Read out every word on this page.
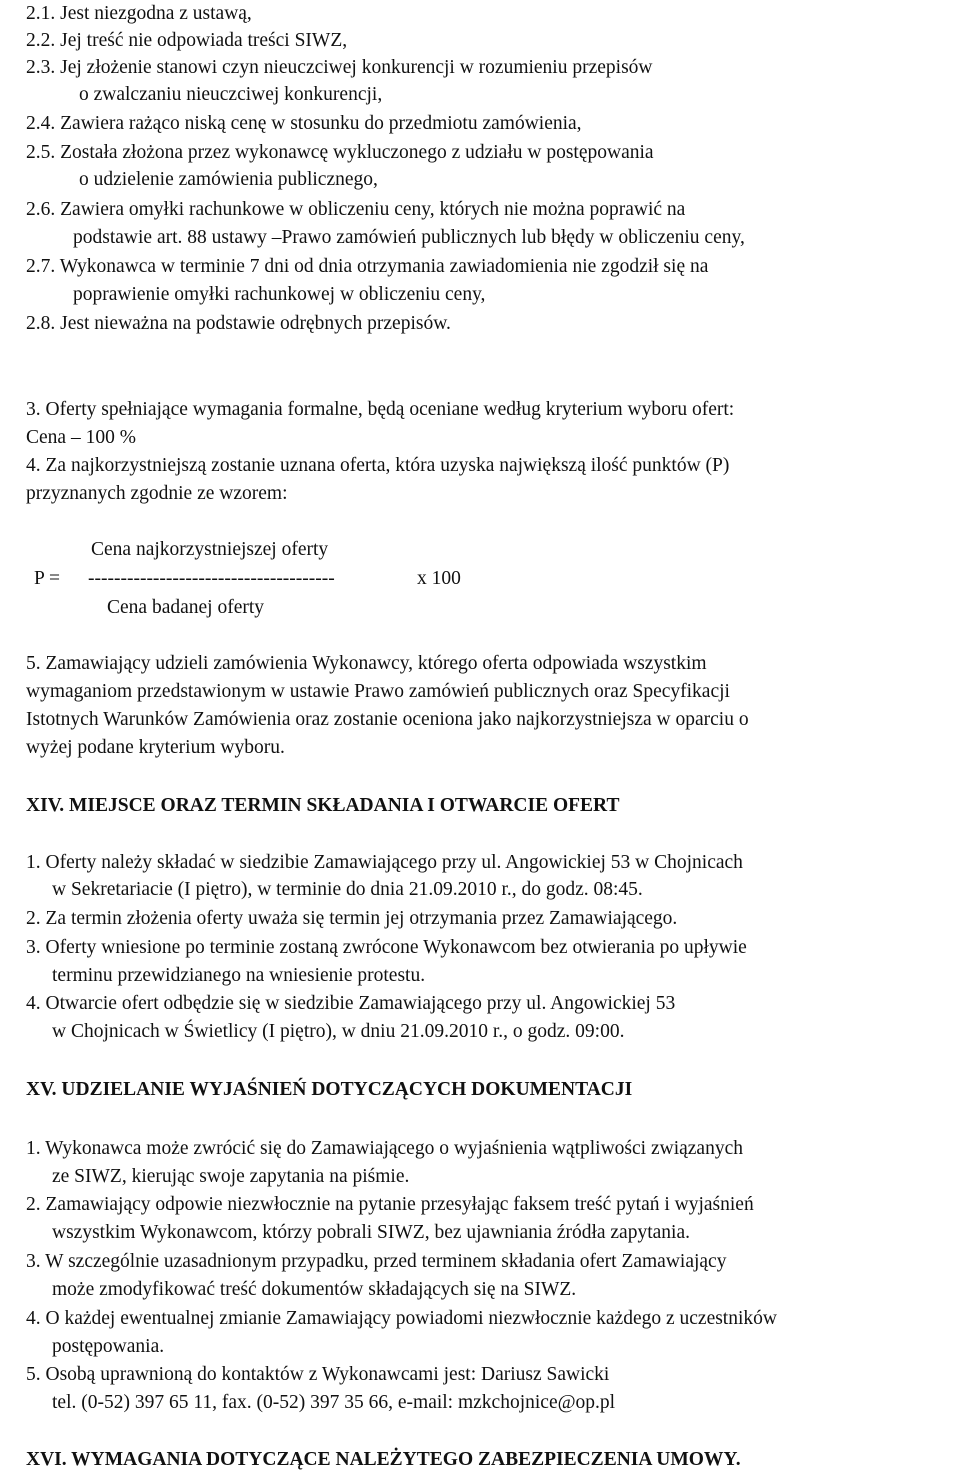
2.1. Jest niezgodna z ustawą,
2.2. Jej treść nie odpowiada treści SIWZ,
2.3. Jej złożenie stanowi czyn nieuczciwej konkurencji w rozumieniu przepisów
o zwalczaniu nieuczciwej konkurencji,
2.4. Zawiera rażąco niską cenę w stosunku do przedmiotu zamówienia,
2.5. Została złożona przez wykonawcę wykluczonego z udziału w postępowania
o udzielenie zamówienia publicznego,
2.6. Zawiera omyłki rachunkowe w obliczeniu ceny, których nie można poprawić na
podstawie art. 88 ustawy –Prawo zamówień publicznych lub błędy w obliczeniu ceny,
2.7. Wykonawca w terminie 7 dni od dnia otrzymania zawiadomienia nie zgodził się na
poprawienie omyłki rachunkowej w obliczeniu ceny,
2.8. Jest nieważna na podstawie odrębnych przepisów.
3. Oferty spełniające wymagania formalne, będą oceniane według kryterium wyboru ofert:
Cena – 100 %
4. Za najkorzystniejszą zostanie uznana oferta, która uzyska największą ilość punktów (P)
przyznanych zgodnie ze wzorem:
Cena najkorzystniejszej oferty
P = --------------------------------------	x 100
Cena badanej oferty
5. Zamawiający udzieli zamówienia Wykonawcy, którego oferta odpowiada wszystkim
wymaganiom przedstawionym w ustawie Prawo zamówień publicznych oraz Specyfikacji
Istotnych Warunków Zamówienia oraz zostanie oceniona jako najkorzystniejsza w oparciu o
wyżej podane kryterium wyboru.
XIV. MIEJSCE ORAZ TERMIN SKŁADANIA I OTWARCIE OFERT
1. Oferty należy składać w siedzibie Zamawiającego przy ul. Angowickiej 53 w Chojnicach
w Sekretariacie (I piętro), w terminie do dnia 21.09.2010 r., do godz. 08:45.
2. Za termin złożenia oferty uważa się termin jej otrzymania przez Zamawiającego.
3. Oferty wniesione po terminie zostaną zwrócone Wykonawcom bez otwierania po upływie
terminu przewidzianego na wniesienie protestu.
4. Otwarcie ofert odbędzie się w siedzibie Zamawiającego przy ul. Angowickiej 53
w Chojnicach w Świetlicy (I piętro), w dniu 21.09.2010 r., o godz. 09:00.
XV. UDZIELANIE WYJAŚNIEŃ DOTYCZĄCYCH DOKUMENTACJI
1. Wykonawca może zwrócić się do Zamawiającego o wyjaśnienia wątpliwości związanych
ze SIWZ, kierując swoje zapytania na piśmie.
2. Zamawiający odpowie niezwłocznie na pytanie przesyłając faksem treść pytań i wyjaśnień
wszystkim Wykonawcom, którzy pobrali SIWZ, bez ujawniania źródła zapytania.
3. W szczególnie uzasadnionym przypadku, przed terminem składania ofert Zamawiający
może zmodyfikować treść dokumentów składających się na SIWZ.
4. O każdej ewentualnej zmianie Zamawiający powiadomi niezwłocznie każdego z uczestników
postępowania.
5. Osobą uprawnioną do kontaktów z Wykonawcami jest: Dariusz Sawicki
tel. (0-52) 397 65 11, fax. (0-52) 397 35 66, e-mail: mzkchojnice@op.pl
XVI. WYMAGANIA DOTYCZĄCE NALEŻYTEGO ZABEZPIECZENIA UMOWY.
